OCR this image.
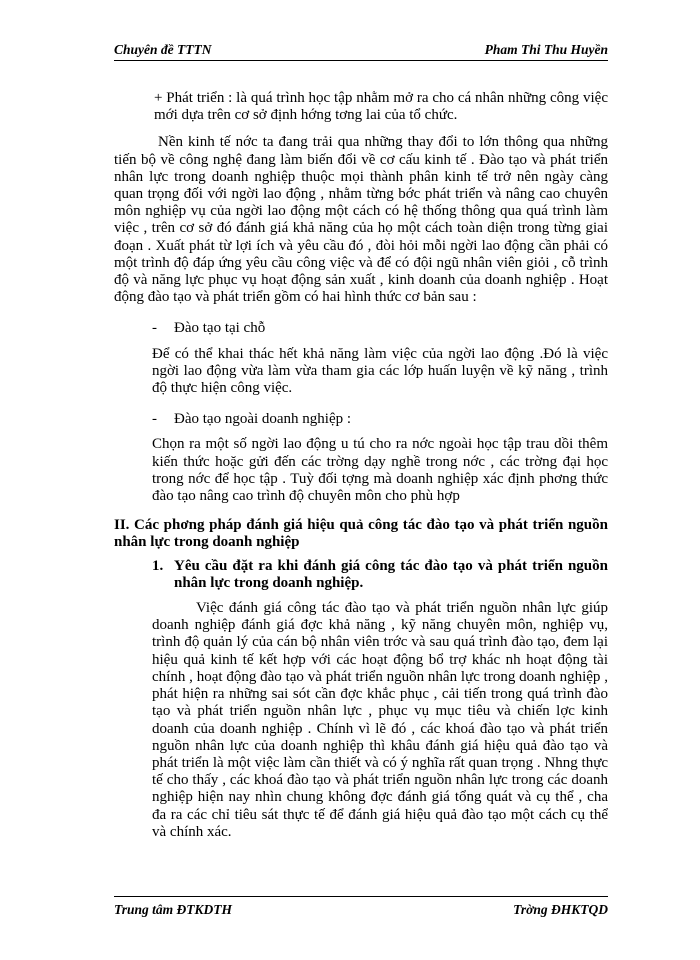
Chuyên đề TTTN	Pham Thi Thu Huyền

+ Phát triển : là quá trình học tập nhằm mở ra cho cá nhân những công việc mới dựa trên cơ sở định hớng tơng lai của tổ chức.

Nền kinh tế nớc ta đang trải qua những thay đổi to lớn thông qua những tiến bộ về công nghệ đang làm biến đổi về cơ cấu kinh tế . Đào tạo và phát triển nhân lực trong doanh nghiệp thuộc mọi thành phân kinh tế trở nên ngày càng quan trọng đối với ngời lao động , nhằm từng bớc phát triển và nâng cao chuyên môn nghiệp vụ của ngời lao động một cách có hệ thống thông qua quá trình làm việc , trên cơ sở đó đánh giá khả năng của họ một cách toàn diện trong từng giai đoạn . Xuất phát từ lợi ích và yêu cầu đó , đòi hỏi mỗi ngời lao động cần phải có một trình độ đáp ứng yêu cầu công việc và để có đội ngũ nhân viên giỏi , cỗ trình độ và năng lực phục vụ hoạt động sản xuất , kinh doanh của doanh nghiệp . Hoạt động đào tạo và phát triển gồm có hai hình thức cơ bản sau :

- Đào tạo tại chỗ

Để có thể khai thác hết khả năng làm việc của ngời lao động .Đó là việc ngời lao động vừa làm vừa tham gia các lớp huấn luyện về kỹ năng , trình độ thực hiện công việc.

- Đào tạo ngoài doanh nghiệp :

Chọn ra một số ngời lao động u tú cho ra nớc ngoài học tập trau dồi thêm kiến thức hoặc gửi đến các trờng dạy nghề trong nớc , các trờng đại học trong nớc để học tập . Tuỳ đối tợng mà doanh nghiệp xác định phơng thức đào tạo nâng cao trình độ chuyên môn cho phù hợp

II. Các phơng pháp đánh giá hiệu quả công tác đào tạo và phát triển nguồn nhân lực trong doanh nghiệp

1. Yêu cầu đặt ra khi đánh giá công tác đào tạo và phát triển nguồn nhân lực trong doanh nghiệp.

Việc đánh giá công tác đào tạo và phát triển nguồn nhân lực giúp doanh nghiệp đánh giá đợc khả năng , kỹ năng chuyên môn, nghiệp vụ, trình độ quản lý của cán bộ nhân viên trớc và sau quá trình đào tạo, đem lại hiệu quả kinh tế kết hợp với các hoạt động bổ trợ khác nh hoạt động tài chính , hoạt động đào tạo và phát triển nguồn nhân lực trong doanh nghiệp , phát hiện ra những sai sót cần đợc khắc phục , cải tiến trong quá trình đào tạo và phát triển nguồn nhân lực , phục vụ mục tiêu và chiến lợc kinh doanh của doanh nghiệp . Chính vì lẽ đó , các khoá đào tạo và phát triển nguồn nhân lực của doanh nghiệp thì khâu đánh giá hiệu quả đào tạo và phát triển là một việc làm cần thiết và có ý nghĩa rất quan trọng . Nhng thực tế cho thấy , các khoá đào tạo và phát triển nguồn nhân lực trong các doanh nghiệp hiện nay nhìn chung không đợc đánh giá tổng quát và cụ thể , cha đa ra các chỉ tiêu sát thực tế để đánh giá hiệu quả đào tạo một cách cụ thể và chính xác.

Trung tâm ĐTKDTH	Trờng ĐHKTQD
